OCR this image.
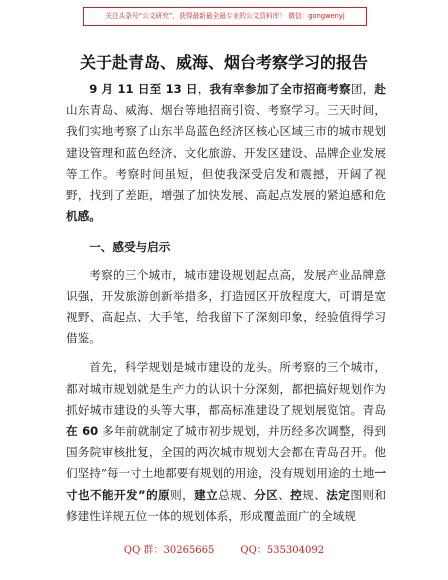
关注头条号“公文研究”，获得最新最全最专业的公文资料库！ 微信：gongwenyj
关于赴青岛、威海、烟台考察学习的报告

9 月 11 日至 13 日，我有幸参加了全市招商考察团，赴山东青岛、威海、烟台等地招商引资、考察学习。三天时间，我们实地考察了山东半岛蓝色经济区核心区域三市的城市规划建设管理和蓝色经济、文化旅游、开发区建设、品牌企业发展等工作。考察时间虽短，但使我深受启发和震撼，开阔了视野，找到了差距，增强了加快发展、高起点发展的紧迫感和危机感。

一、感受与启示

考察的三个城市，城市建设规划起点高，发展产业品牌意识强，开发旅游创新举措多，打造园区开放程度大，可谓是宽视野、高起点、大手笔，给我留下了深刻印象，经验值得学习借鉴。

首先，科学规划是城市建设的龙头。所考察的三个城市，都对城市规划就是生产力的认识十分深刻，都把搞好规划作为抓好城市建设的头等大事，都高标准建设了规划展览馆。青岛在 60 多年前就制定了城市初步规划，并历经多次调整，得到国务院审核批复，全国的两次城市规划大会都在青岛召开。他们坚持“每一寸土地都要有规划的用途，没有规划用途的土地一寸也不能开发”的原则，建立总规、分区、控规、法定图则和修建性详规五位一体的规划体系，形成覆盖面广的全域规

QQ 群：30265665	QQ：535304092
